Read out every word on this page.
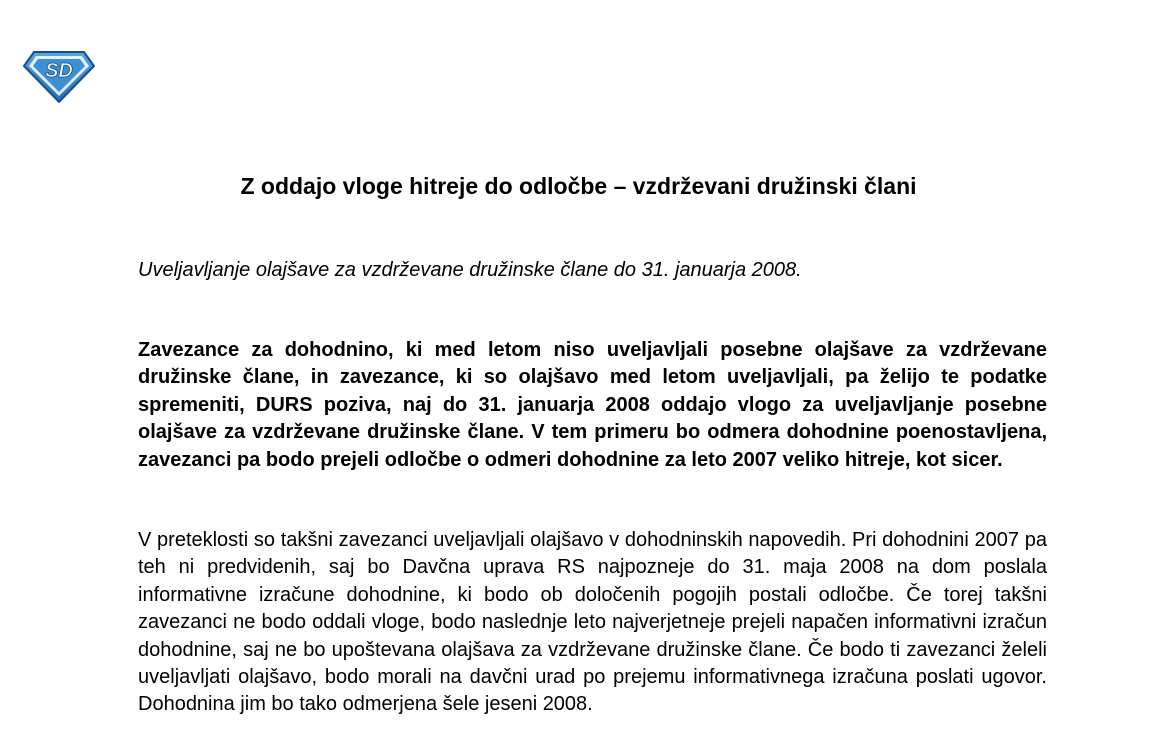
SD
Z oddajo vloge hitreje do odločbe – vzdrževani družinski člani

Uveljavljanje olajšave za vzdrževane družinske člane do 31. januarja 2008.

Zavezance za dohodnino, ki med letom niso uveljavljali posebne olajšave za vzdrževane družinske člane, in zavezance, ki so olajšavo med letom uveljavljali, pa želijo te podatke spremeniti, DURS poziva, naj do 31. januarja 2008 oddajo vlogo za uveljavljanje posebne olajšave za vzdrževane družinske člane. V tem primeru bo odmera dohodnine poenostavljena, zavezanci pa bodo prejeli odločbe o odmeri dohodnine za leto 2007 veliko hitreje, kot sicer.

V preteklosti so takšni zavezanci uveljavljali olajšavo v dohodninskih napovedih. Pri dohodnini 2007 pa teh ni predvidenih, saj bo Davčna uprava RS najpozneje do 31. maja 2008 na dom poslala informativne izračune dohodnine, ki bodo ob določenih pogojih postali odločbe. Če torej takšni zavezanci ne bodo oddali vloge, bodo naslednje leto najverjetneje prejeli napačen informativni izračun dohodnine, saj ne bo upoštevana olajšava za vzdrževane družinske člane. Če bodo ti zavezanci želeli uveljavljati olajšavo, bodo morali na davčni urad po prejemu informativnega izračuna poslati ugovor. Dohodnina jim bo tako odmerjena šele jeseni 2008.
